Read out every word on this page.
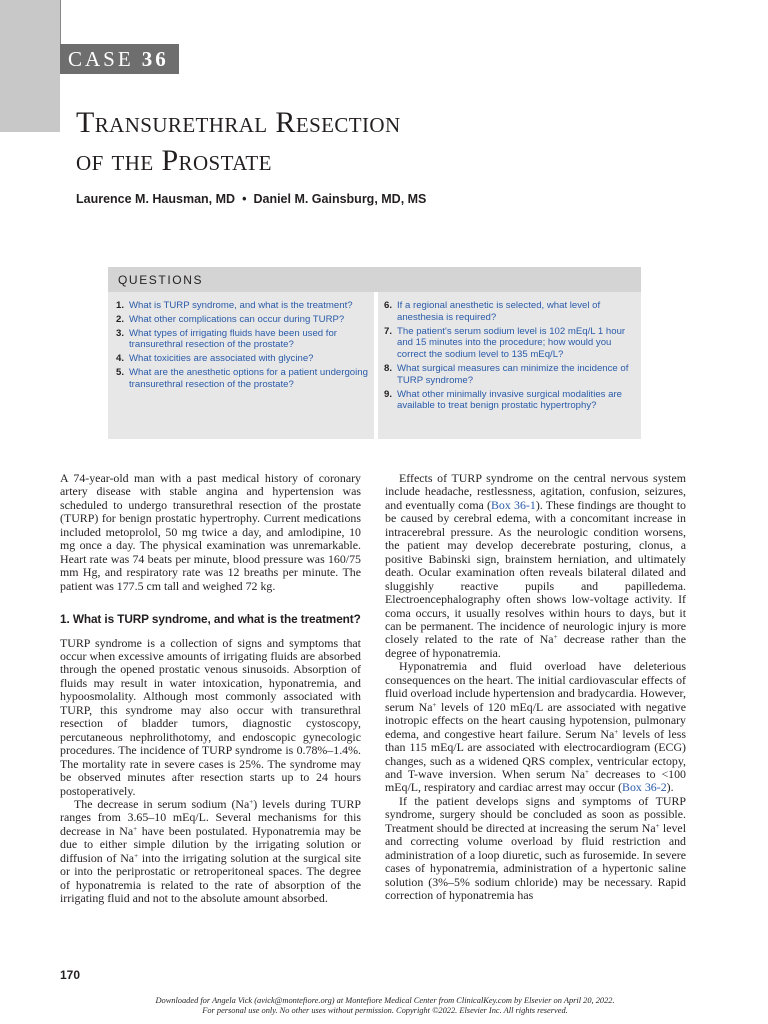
CASE 36
Transurethral Resection
of the Prostate
Laurence M. Hausman, MD • Daniel M. Gainsburg, MD, MS
QUESTIONS
1. What is TURP syndrome, and what is the treatment?
2. What other complications can occur during TURP?
3. What types of irrigating fluids have been used for transurethral resection of the prostate?
4. What toxicities are associated with glycine?
5. What are the anesthetic options for a patient undergoing transurethral resection of the prostate?
6. If a regional anesthetic is selected, what level of anesthesia is required?
7. The patient's serum sodium level is 102 mEq/L 1 hour and 15 minutes into the procedure; how would you correct the sodium level to 135 mEq/L?
8. What surgical measures can minimize the incidence of TURP syndrome?
9. What other minimally invasive surgical modalities are available to treat benign prostatic hypertrophy?

A 74-year-old man with a past medical history of coronary artery disease with stable angina and hypertension was scheduled to undergo transurethral resection of the prostate (TURP) for benign prostatic hypertrophy. Current medications included metoprolol, 50 mg twice a day, and amlodipine, 10 mg once a day. The physical examination was unremarkable. Heart rate was 74 beats per minute, blood pressure was 160/75 mm Hg, and respiratory rate was 12 breaths per minute. The patient was 177.5 cm tall and weighed 72 kg.

1. What is TURP syndrome, and what is the treatment?

TURP syndrome is a collection of signs and symptoms that occur when excessive amounts of irrigating fluids are absorbed through the opened prostatic venous sinusoids. Absorption of fluids may result in water intoxication, hyponatremia, and hypoosmolality. Although most commonly associated with TURP, this syndrome may also occur with transurethral resection of bladder tumors, diagnostic cystoscopy, percutaneous nephrolithotomy, and endoscopic gynecologic procedures. The incidence of TURP syndrome is 0.78%–1.4%. The mortality rate in severe cases is 25%. The syndrome may be observed minutes after resection starts up to 24 hours postoperatively.

The decrease in serum sodium (Na+) levels during TURP ranges from 3.65–10 mEq/L. Several mechanisms for this decrease in Na+ have been postulated. Hyponatremia may be due to either simple dilution by the irrigating solution or diffusion of Na+ into the irrigating solution at the surgical site or into the periprostatic or retroperitoneal spaces. The degree of hyponatremia is related to the rate of absorption of the irrigating fluid and not to the absolute amount absorbed.

Effects of TURP syndrome on the central nervous system include headache, restlessness, agitation, confusion, seizures, and eventually coma (Box 36-1). These findings are thought to be caused by cerebral edema, with a concomitant increase in intracerebral pressure. As the neurologic condition worsens, the patient may develop decerebrate posturing, clonus, a positive Babinski sign, brainstem herniation, and ultimately death. Ocular examination often reveals bilateral dilated and sluggishly reactive pupils and papilledema. Electroencephalography often shows low-voltage activity. If coma occurs, it usually resolves within hours to days, but it can be permanent. The incidence of neurologic injury is more closely related to the rate of Na+ decrease rather than the degree of hyponatremia.

Hyponatremia and fluid overload have deleterious consequences on the heart. The initial cardiovascular effects of fluid overload include hypertension and bradycardia. However, serum Na+ levels of 120 mEq/L are associated with negative inotropic effects on the heart causing hypotension, pulmonary edema, and congestive heart failure. Serum Na+ levels of less than 115 mEq/L are associated with electrocardiogram (ECG) changes, such as a widened QRS complex, ventricular ectopy, and T-wave inversion. When serum Na+ decreases to <100 mEq/L, respiratory and cardiac arrest may occur (Box 36-2).

If the patient develops signs and symptoms of TURP syndrome, surgery should be concluded as soon as possible. Treatment should be directed at increasing the serum Na+ level and correcting volume overload by fluid restriction and administration of a loop diuretic, such as furosemide. In severe cases of hyponatremia, administration of a hypertonic saline solution (3%–5% sodium chloride) may be necessary. Rapid correction of hyponatremia has

170
Downloaded for Angela Vick (avick@montefiore.org) at Montefiore Medical Center from ClinicalKey.com by Elsevier on April 20, 2022. For personal use only. No other uses without permission. Copyright ©2022. Elsevier Inc. All rights reserved.
